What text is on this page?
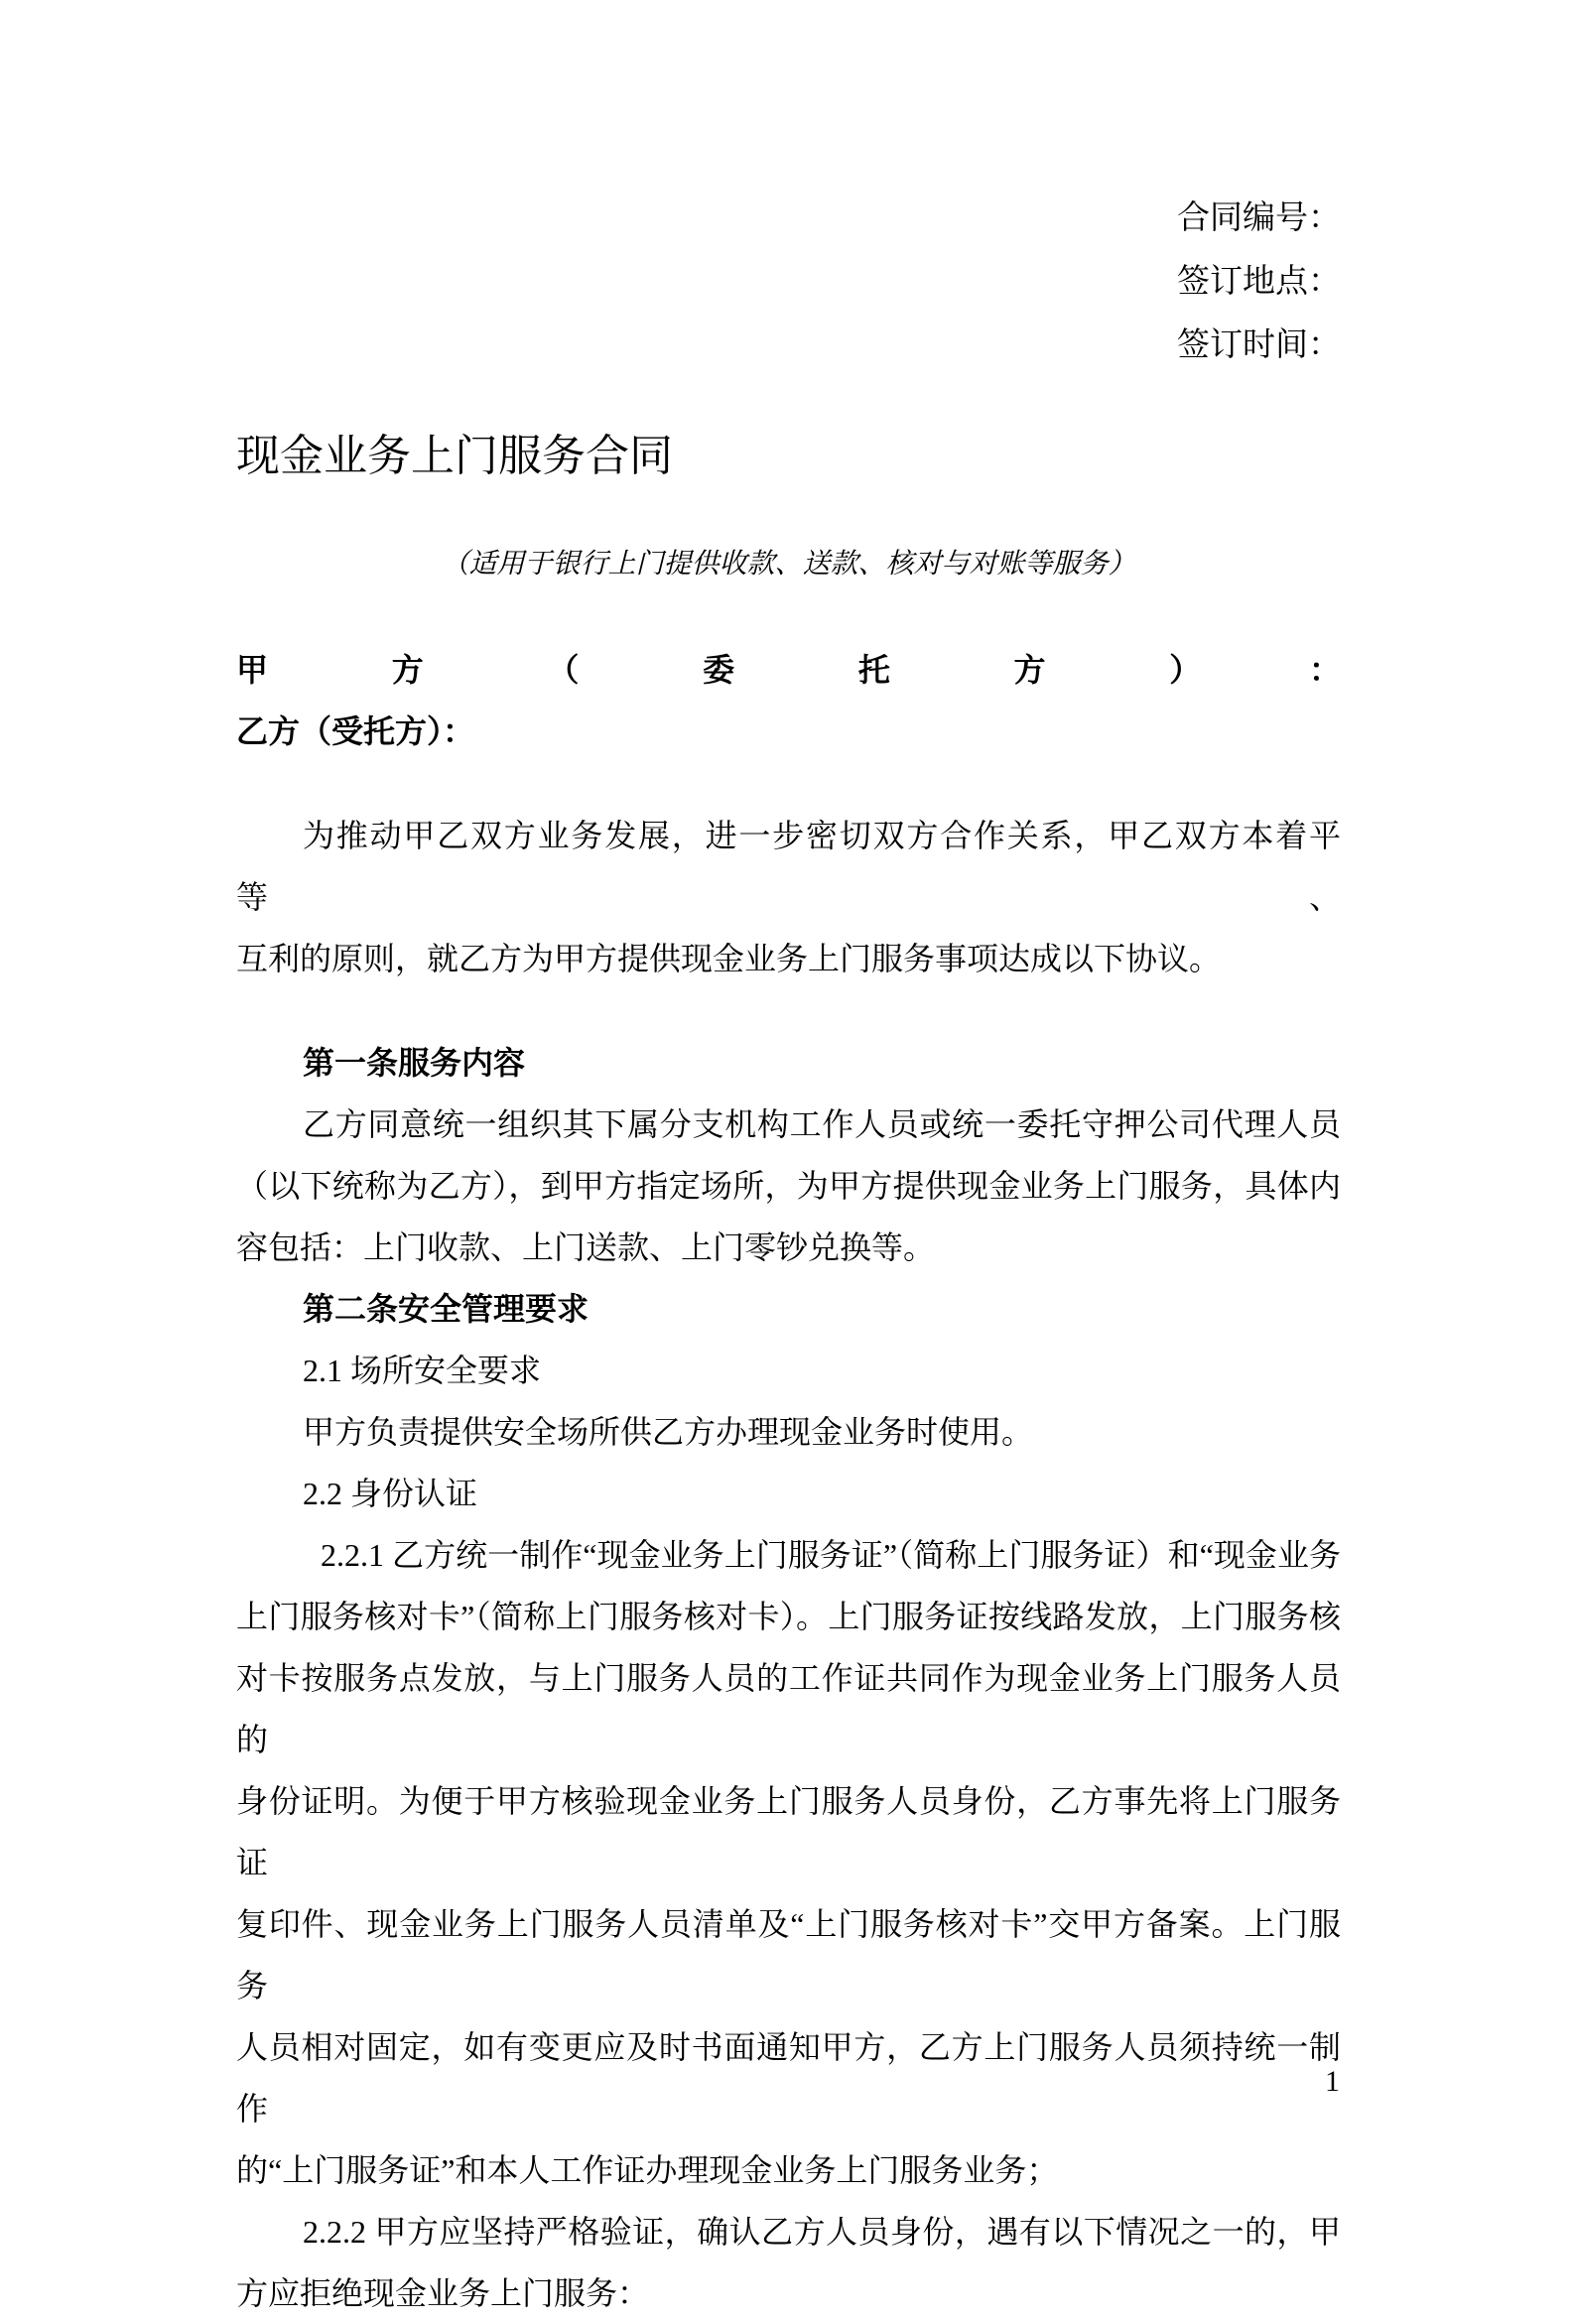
合同编号：
签订地点：
签订时间：
现金业务上门服务合同
（适用于银行上门提供收款、送款、核对与对账等服务）
甲方（委托方）：
乙方（受托方）：
为推动甲乙双方业务发展，进一步密切双方合作关系，甲乙双方本着平等、
互利的原则，就乙方为甲方提供现金业务上门服务事项达成以下协议。
第一条服务内容
乙方同意统一组织其下属分支机构工作人员或统一委托守押公司代理人员
（以下统称为乙方），到甲方指定场所，为甲方提供现金业务上门服务，具体内
容包括：上门收款、上门送款、上门零钞兑换等。
第二条安全管理要求
2.1 场所安全要求
甲方负责提供安全场所供乙方办理现金业务时使用。
2.2 身份认证
2.2.1 乙方统一制作“现金业务上门服务证”（简称上门服务证）和“现金业务
上门服务核对卡”（简称上门服务核对卡）。上门服务证按线路发放，上门服务核
对卡按服务点发放，与上门服务人员的工作证共同作为现金业务上门服务人员的
身份证明。为便于甲方核验现金业务上门服务人员身份，乙方事先将上门服务证
复印件、现金业务上门服务人员清单及“上门服务核对卡”交甲方备案。上门服务
人员相对固定，如有变更应及时书面通知甲方，乙方上门服务人员须持统一制作
的“上门服务证”和本人工作证办理现金业务上门服务业务；
2.2.2 甲方应坚持严格验证，确认乙方人员身份，遇有以下情况之一的，甲
方应拒绝现金业务上门服务：
1
